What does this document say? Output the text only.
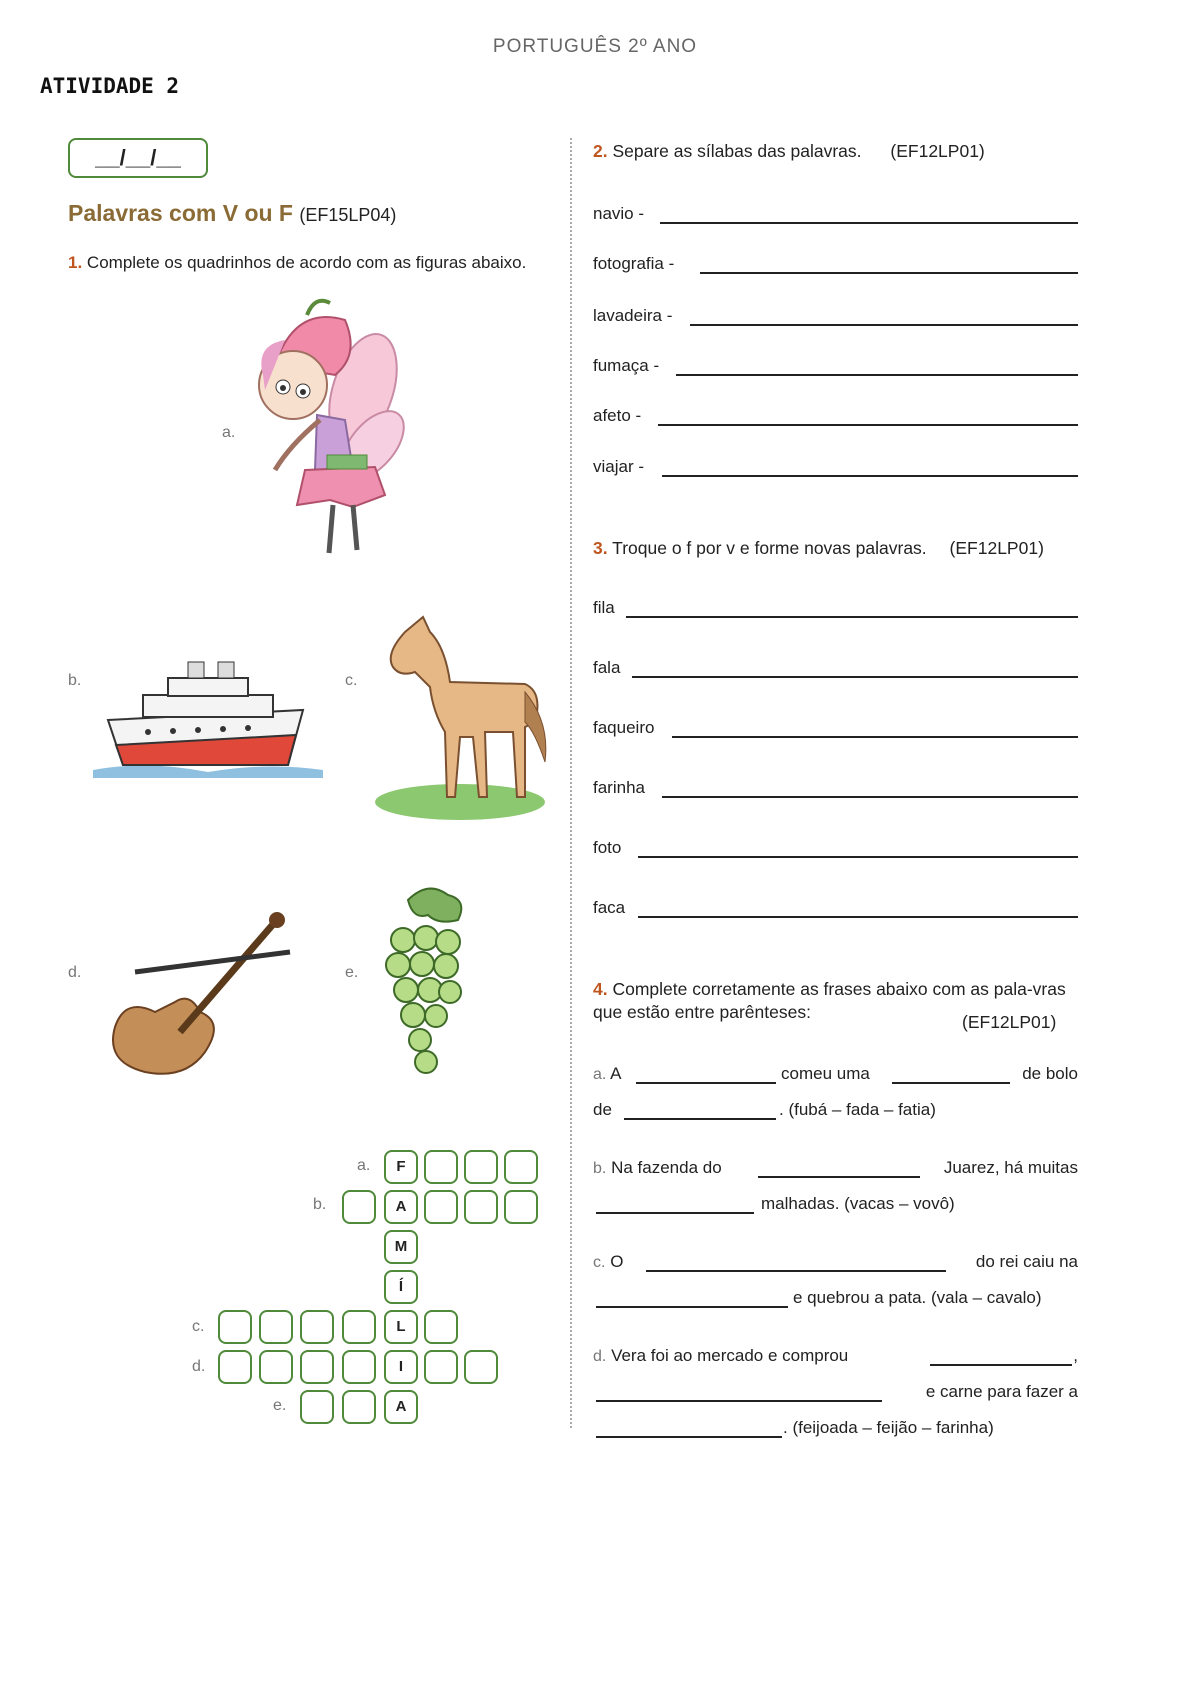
PORTUGUÊS 2º ANO
ATIVIDADE 2
__/__/__
Palavras com V ou F (EF15LP04)
1. Complete os quadrinhos de acordo com as figuras abaixo.
a.
b.	c.
d.	e.
a.
b.
c.
d.
e.
F
A
M
Í
L
I
A
2. Separe as sílabas das palavras. (EF12LP01)
navio -
fotografia -
lavadeira -
fumaça -
afeto -
viajar -
3. Troque o f por v e forme novas palavras. (EF12LP01)
fila
fala
faqueiro
farinha
foto
faca
4. Complete corretamente as frases abaixo com as pala-vras que estão entre parênteses:	(EF12LP01)
a. A	comeu uma	de bolo
de	. (fubá – fada – fatia)
b. Na fazenda do	Juarez, há muitas
malhadas. (vacas – vovô)
c. O	do rei caiu na
e quebrou a pata. (vala – cavalo)
d. Vera foi ao mercado e comprou	,
e carne para fazer a
. (feijoada – feijão – farinha)
